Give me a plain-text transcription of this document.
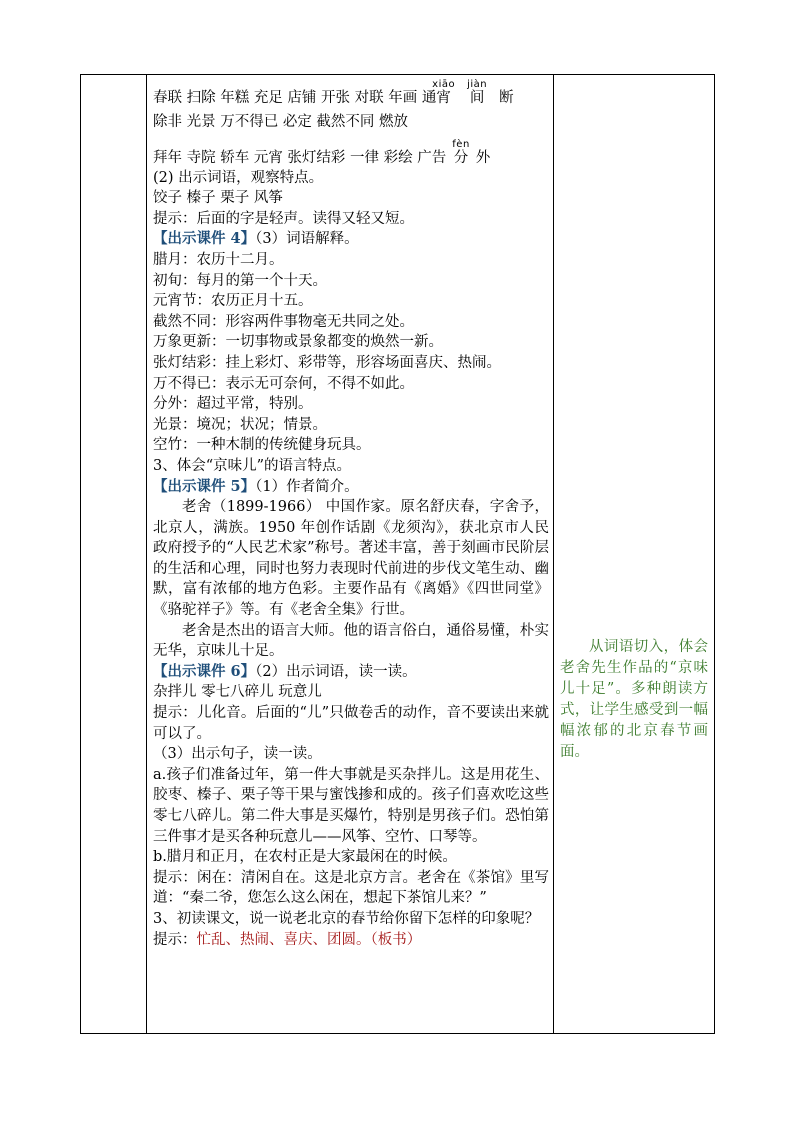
春联 扫除 年糕 充足 店铺 开张 对联 年画 通宵xiāo间jiàn断
除非 光景 万不得已 必定 截然不同 燃放
拜年 寺院 轿车 元宵 张灯结彩 一律 彩绘 广告 分fèn外
(2) 出示词语，观察特点。
饺子 榛子 栗子 风筝
提示：后面的字是轻声。读得又轻又短。
【出示课件 4】（3）词语解释。
腊月：农历十二月。
初旬：每月的第一个十天。
元宵节：农历正月十五。
截然不同：形容两件事物毫无共同之处。
万象更新：一切事物或景象都变的焕然一新。
张灯结彩：挂上彩灯、彩带等，形容场面喜庆、热闹。
万不得已：表示无可奈何，不得不如此。
分外：超过平常，特别。
光景：境况；状况；情景。
空竹：一种木制的传统健身玩具。
3、体会“京味儿”的语言特点。
【出示课件 5】（1）作者简介。
老舍（1899-1966） 中国作家。原名舒庆春，字舍予，北京人，满族。1950 年创作话剧《龙须沟》，获北京市人民政府授予的“人民艺术家”称号。著述丰富，善于刻画市民阶层的生活和心理，同时也努力表现时代前进的步伐文笔生动、幽默，富有浓郁的地方色彩。主要作品有《离婚》《四世同堂》《骆驼祥子》等。有《老舍全集》行世。
老舍是杰出的语言大师。他的语言俗白，通俗易懂，朴实无华，京味儿十足。
【出示课件 6】（2）出示词语，读一读。
杂拌儿 零七八碎儿 玩意儿
提示：儿化音。后面的“儿”只做卷舌的动作，音不要读出来就可以了。
（3）出示句子，读一读。
a.孩子们准备过年，第一件大事就是买杂拌儿。这是用花生、胶枣、榛子、栗子等干果与蜜饯掺和成的。孩子们喜欢吃这些零七八碎儿。第二件大事是买爆竹，特别是男孩子们。恐怕第三件事才是买各种玩意儿——风筝、空竹、口琴等。
b.腊月和正月，在农村正是大家最闲在的时候。
提示：闲在：清闲自在。这是北京方言。老舍在《茶馆》里写道：“秦二爷，您怎么这么闲在，想起下茶馆儿来？”
3、初读课文，说一说老北京的春节给你留下怎样的印象呢？
提示：忙乱、热闹、喜庆、团圆。（板书）

从词语切入，体会老舍先生作品的“京味儿十足”。多种朗读方式，让学生感受到一幅幅浓郁的北京春节画面。
